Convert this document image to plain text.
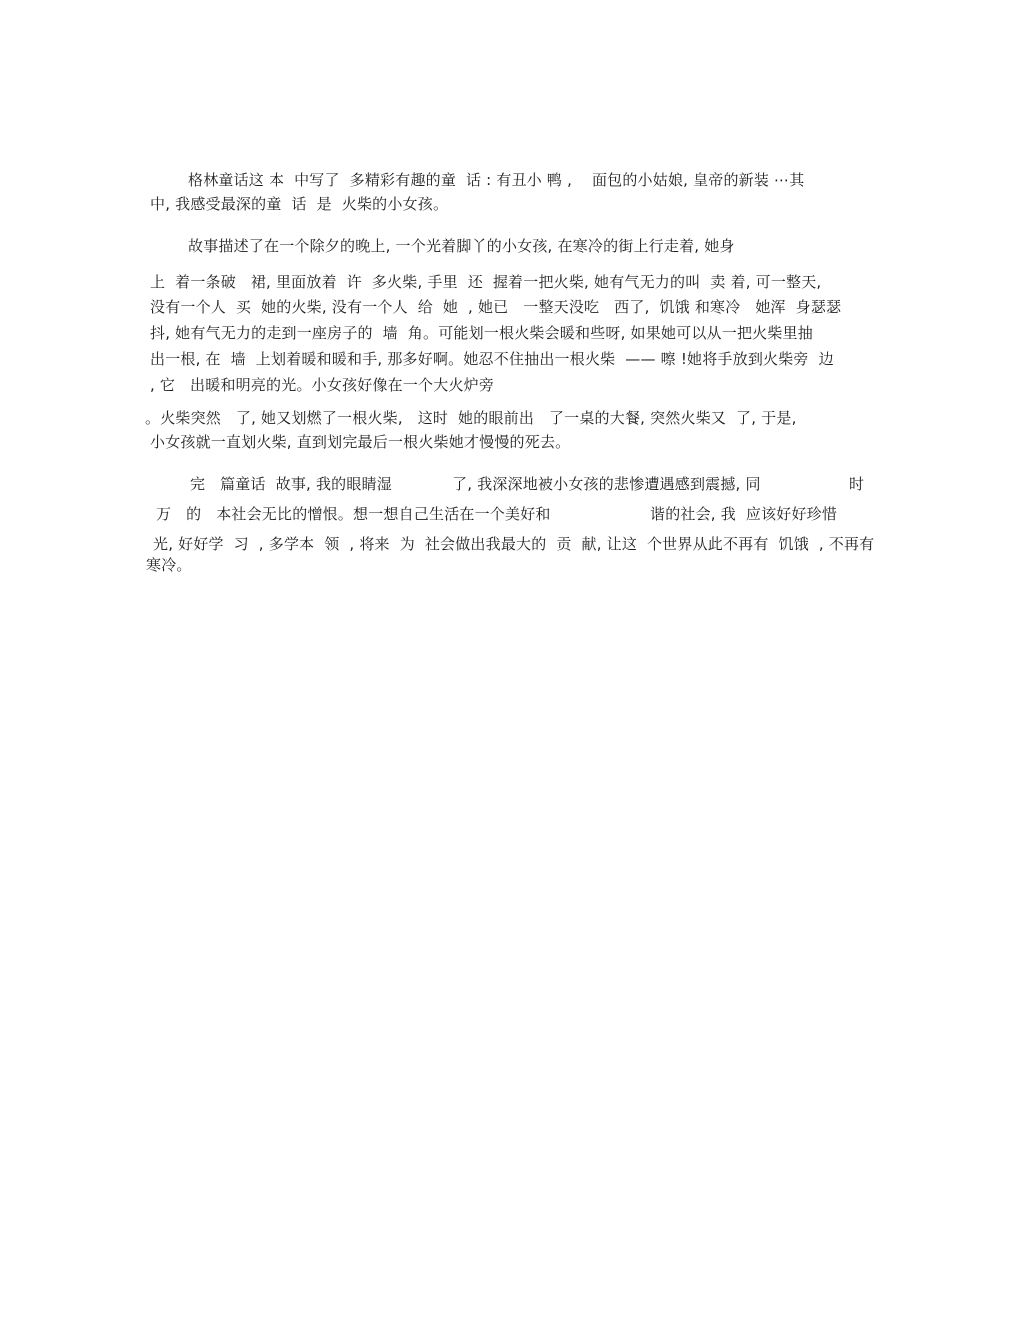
格林童话这 本  中写了  多精彩有趣的童  话 : 有丑小 鸭 ,    面包的小姑娘, 皇帝的新装 ⋯其
中, 我感受最深的童  话  是  火柴的小女孩。
故事描述了在一个除夕的晚上, 一个光着脚丫的小女孩, 在寒冷的街上行走着, 她身
上  着一条破   裙, 里面放着  许  多火柴, 手里  还  握着一把火柴, 她有气无力的叫  卖 着, 可一整天,
没有一个人  买  她的火柴, 没有一个人  给  她  , 她已   一整天没吃   西了,  饥饿 和寒冷   她浑  身瑟瑟
抖, 她有气无力的走到一座房子的  墙  角。可能划一根火柴会暖和些呀, 如果她可以从一把火柴里抽
出一根, 在  墙  上划着暖和暖和手, 那多好啊。她忍不住抽出一根火柴  —— 嚓 !她将手放到火柴旁  边
, 它   出暖和明亮的光。小女孩好像在一个大火炉旁
。火柴突然   了, 她又划燃了一根火柴,   这时  她的眼前出   了一桌的大餐, 突然火柴又  了, 于是,
小女孩就一直划火柴, 直到划完最后一根火柴她才慢慢的死去。
完   篇童话  故事, 我的眼睛湿	了, 我深深地被小女孩的悲惨遭遇感到震撼, 同	时
万   的   本社会无比的憎恨。想一想自己生活在一个美好和	谐的社会, 我  应该好好珍惜
光, 好好学  习  , 多学本  领  , 将来  为  社会做出我最大的  贡  献, 让这  个世界从此不再有  饥饿  , 不再有
寒冷。
